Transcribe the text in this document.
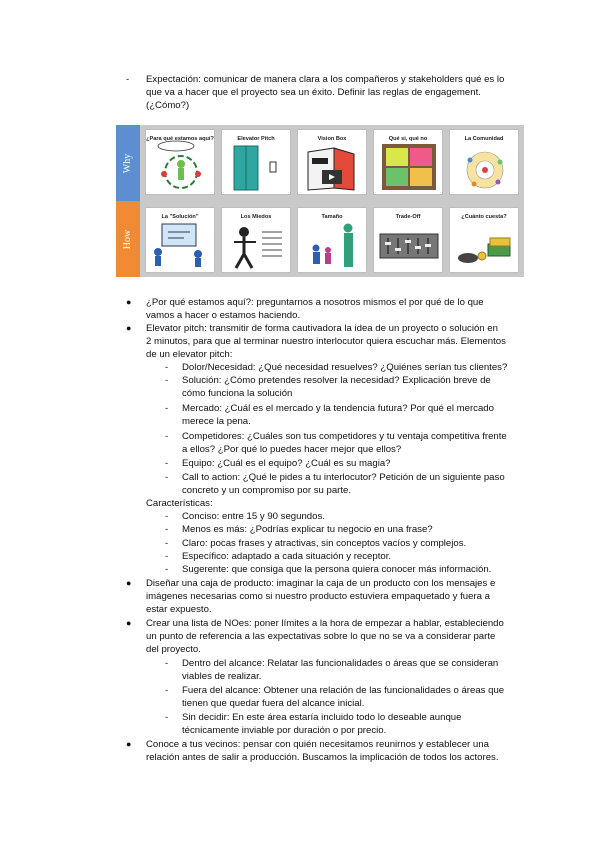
- Expectación: comunicar de manera clara a los compañeros y stakeholders qué es lo
que va a hacer que el proyecto sea un éxito. Definir las reglas de engagement.
(¿Cómo?)
Why
How
¿Para qué estamos aquí?	Elevator Pitch	Vision Box	Qué si, qué no	La Comunidad
La "Solución"	Los Miedos	Tamaño	Trade-Off	¿Cuánto cuesta?
● ¿Por qué estamos aquí?: preguntarnos a nosotros mismos el por qué de lo que
vamos a hacer o estamos haciendo.
● Elevator pitch: transmitir de forma cautivadora la idea de un proyecto o solución en
2 minutos, para que al terminar nuestro interlocutor quiera escuchar más. Elementos
de un elevator pitch:
- Dolor/Necesidad: ¿Qué necesidad resuelves? ¿Quiénes serían tus clientes?
- Solución: ¿Cómo pretendes resolver la necesidad? Explicación breve de
cómo funciona la solución
- Mercado: ¿Cuál es el mercado y la tendencia futura? Por qué el mercado
merece la pena.
- Competidores: ¿Cuáles son tus competidores y tu ventaja competitiva frente
a ellos? ¿Por qué lo puedes hacer mejor que ellos?
- Equipo: ¿Cuál es el equipo? ¿Cuál es su magia?
- Call to action: ¿Qué le pides a tu interlocutor? Petición de un siguiente paso
concreto y un compromiso por su parte.
Características:
- Conciso: entre 15 y 90 segundos.
- Menos es más: ¿Podrías explicar tu negocio en una frase?
- Claro: pocas frases y atractivas, sin conceptos vacíos y complejos.
- Específico: adaptado a cada situación y receptor.
- Sugerente: que consiga que la persona quiera conocer más información.
● Diseñar una caja de producto: imaginar la caja de un producto con los mensajes e
imágenes necesarias como si nuestro producto estuviera empaquetado y fuera a
estar expuesto.
● Crear una lista de NOes: poner límites a la hora de empezar a hablar, estableciendo
un punto de referencia a las expectativas sobre lo que no se va a considerar parte
del proyecto.
- Dentro del alcance: Relatar las funcionalidades o áreas que se consideran
viables de realizar.
- Fuera del alcance: Obtener una relación de las funcionalidades o áreas que
tienen que quedar fuera del alcance inicial.
- Sin decidir: En este área estaría incluido todo lo deseable aunque
técnicamente inviable por duración o por precio.
● Conoce a tus vecinos: pensar con quién necesitamos reunirnos y establecer una
relación antes de salir a producción. Buscamos la implicación de todos los actores.
